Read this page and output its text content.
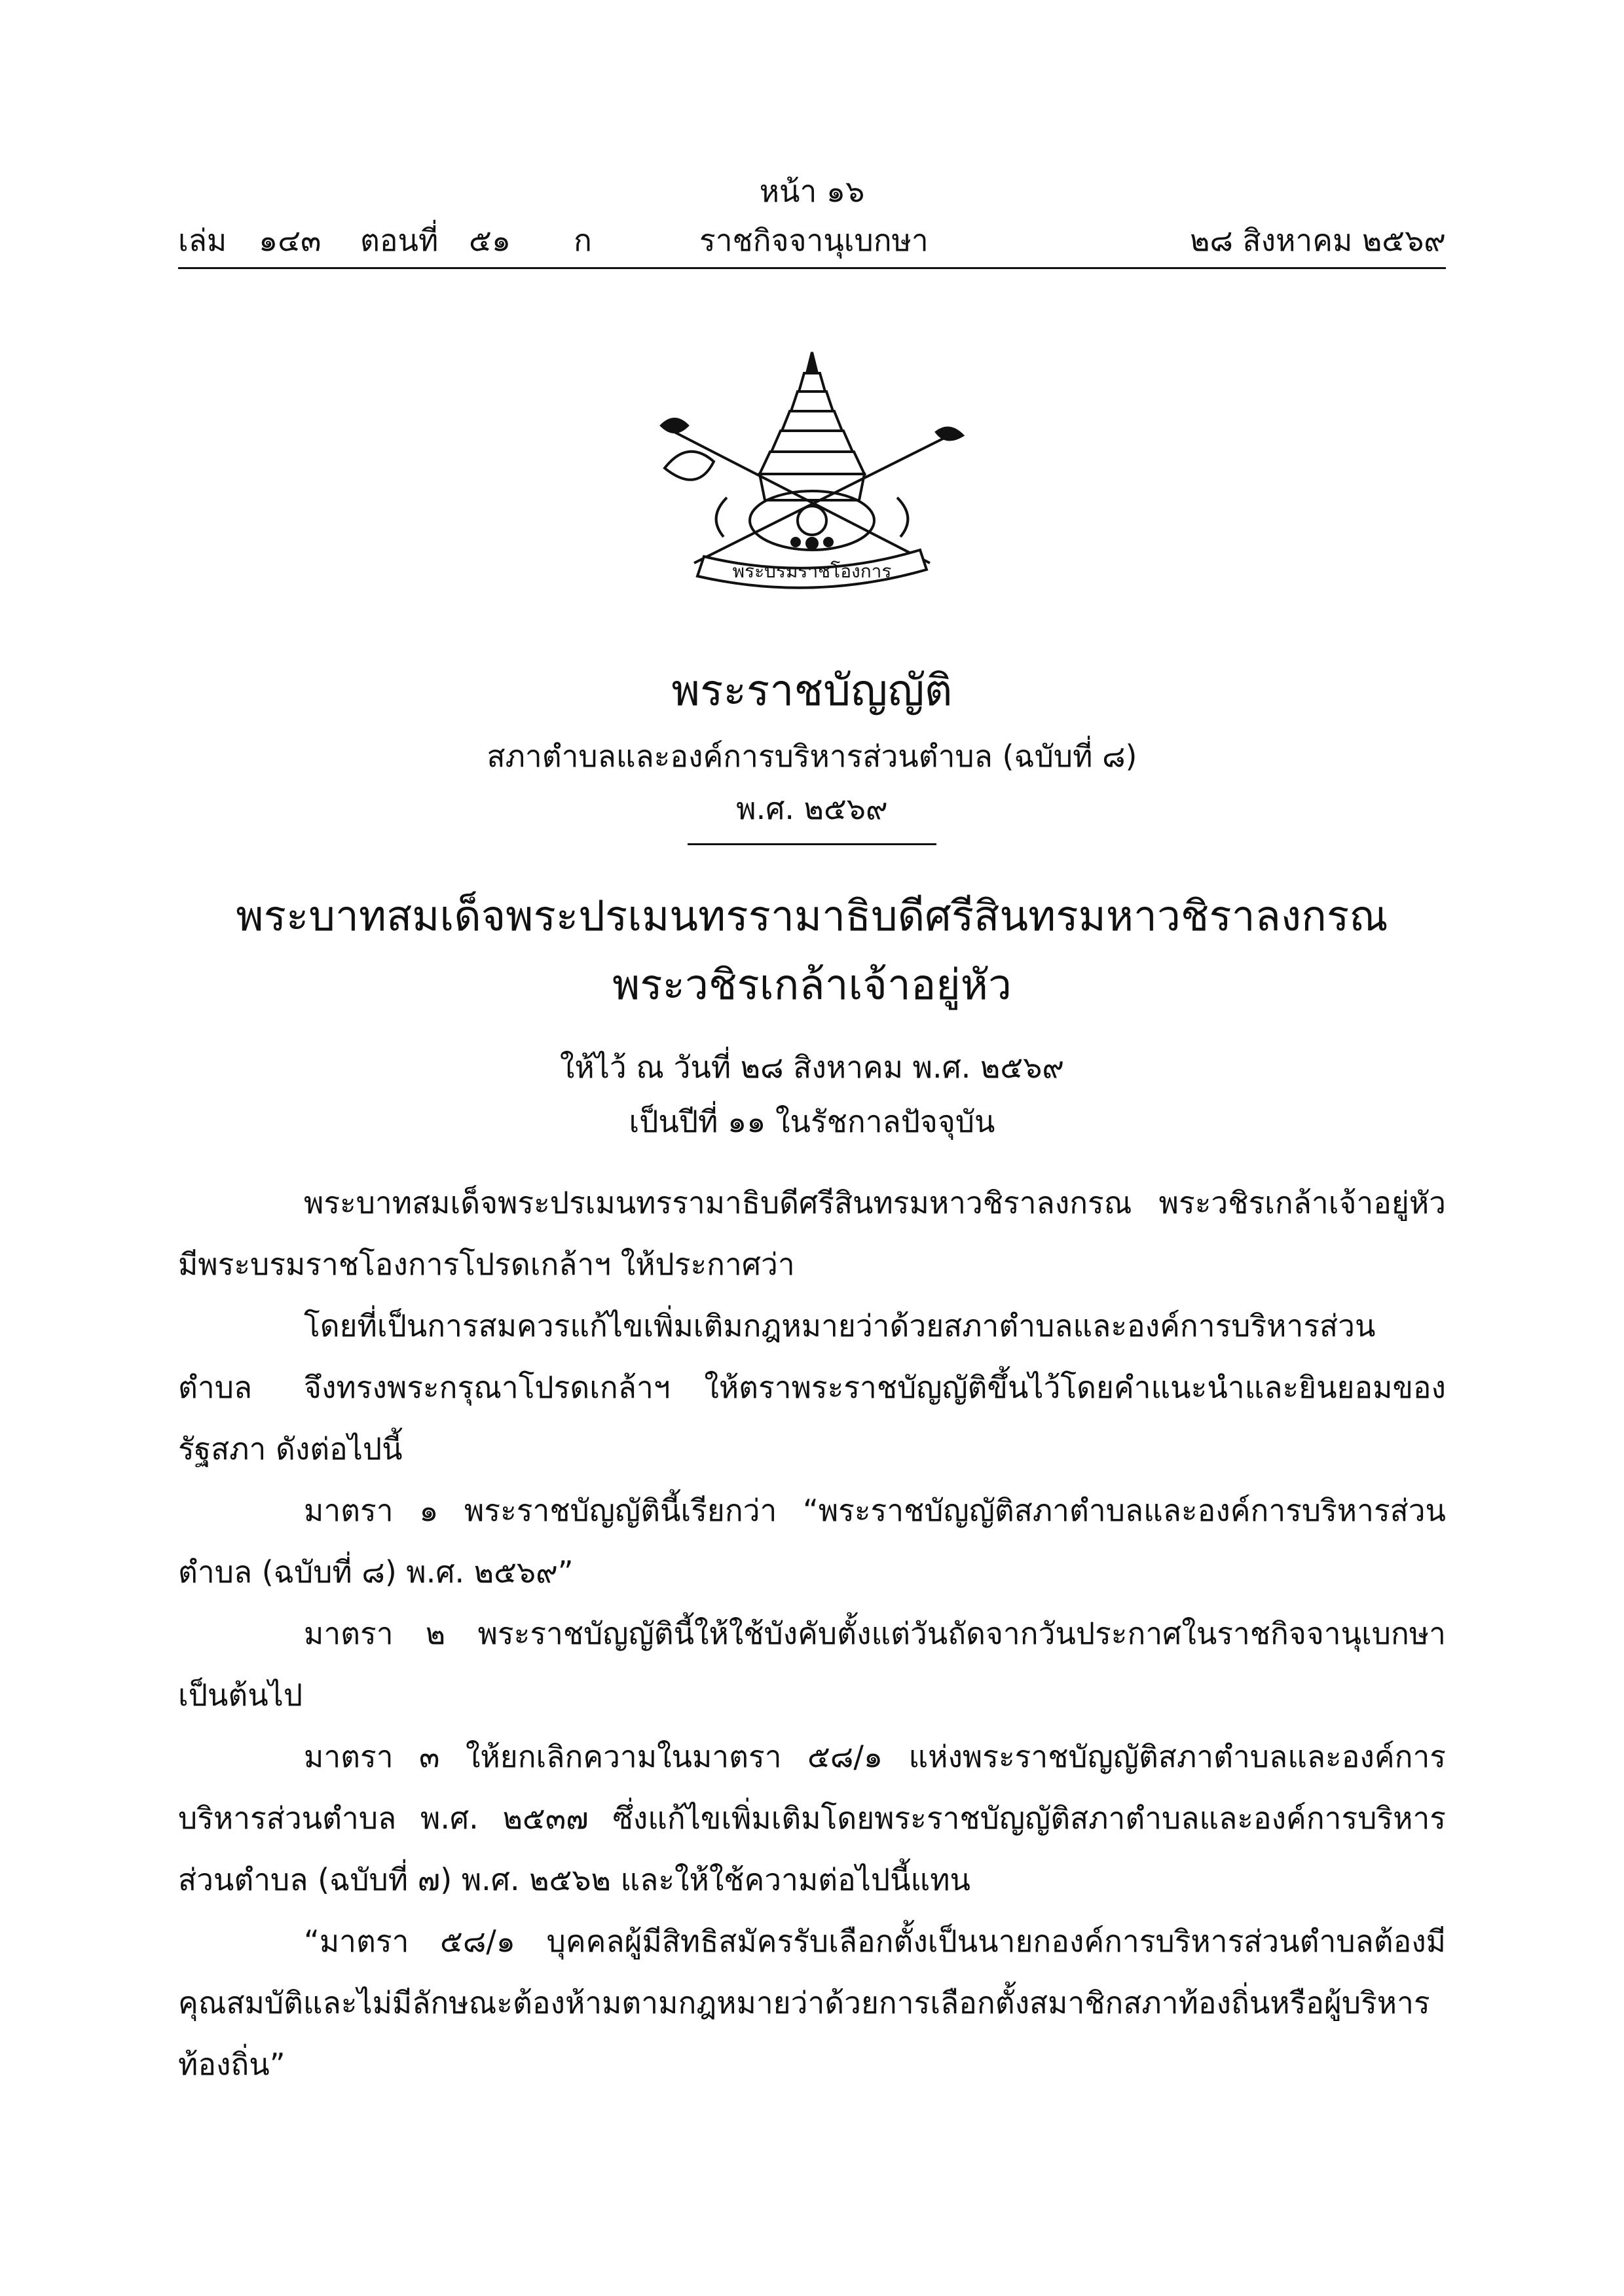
หน้า ๑๖
เล่ม ๑๔๓ ตอนที่ ๕๑ ก	ราชกิจจานุเบกษา	๒๘ สิงหาคม ๒๕๖๙
พระบรมราชโองการ
พระราชบัญญัติ
สภาตำบลและองค์การบริหารส่วนตำบล (ฉบับที่ ๘)
พ.ศ. ๒๕๖๙
พระบาทสมเด็จพระปรเมนทรรามาธิบดีศรีสินทรมหาวชิราลงกรณ
พระวชิรเกล้าเจ้าอยู่หัว
ให้ไว้ ณ วันที่ ๒๘ สิงหาคม พ.ศ. ๒๕๖๙
เป็นปีที่ ๑๑ ในรัชกาลปัจจุบัน

พระบาทสมเด็จพระปรเมนทรรามาธิบดีศรีสินทรมหาวชิราลงกรณ พระวชิรเกล้าเจ้าอยู่หัว มีพระบรมราชโองการโปรดเกล้าฯ ให้ประกาศว่า

โดยที่เป็นการสมควรแก้ไขเพิ่มเติมกฎหมายว่าด้วยสภาตำบลและองค์การบริหารส่วนตำบล	จึงทรงพระกรุณาโปรดเกล้าฯ ให้ตราพระราชบัญญัติขึ้นไว้โดยคำแนะนำและยินยอมของรัฐสภา ดังต่อไปนี้

มาตรา ๑ พระราชบัญญัตินี้เรียกว่า “พระราชบัญญัติสภาตำบลและองค์การบริหารส่วนตำบล (ฉบับที่ ๘) พ.ศ. ๒๕๖๙”

มาตรา ๒ พระราชบัญญัตินี้ให้ใช้บังคับตั้งแต่วันถัดจากวันประกาศในราชกิจจานุเบกษาเป็นต้นไป

มาตรา ๓ ให้ยกเลิกความในมาตรา ๕๘/๑ แห่งพระราชบัญญัติสภาตำบลและองค์การบริหารส่วนตำบล พ.ศ. ๒๕๓๗ ซึ่งแก้ไขเพิ่มเติมโดยพระราชบัญญัติสภาตำบลและองค์การบริหารส่วนตำบล (ฉบับที่ ๗) พ.ศ. ๒๕๖๒ และให้ใช้ความต่อไปนี้แทน

“มาตรา ๕๘/๑ บุคคลผู้มีสิทธิสมัครรับเลือกตั้งเป็นนายกองค์การบริหารส่วนตำบลต้องมีคุณสมบัติและไม่มีลักษณะต้องห้ามตามกฎหมายว่าด้วยการเลือกตั้งสมาชิกสภาท้องถิ่นหรือผู้บริหารท้องถิ่น”
